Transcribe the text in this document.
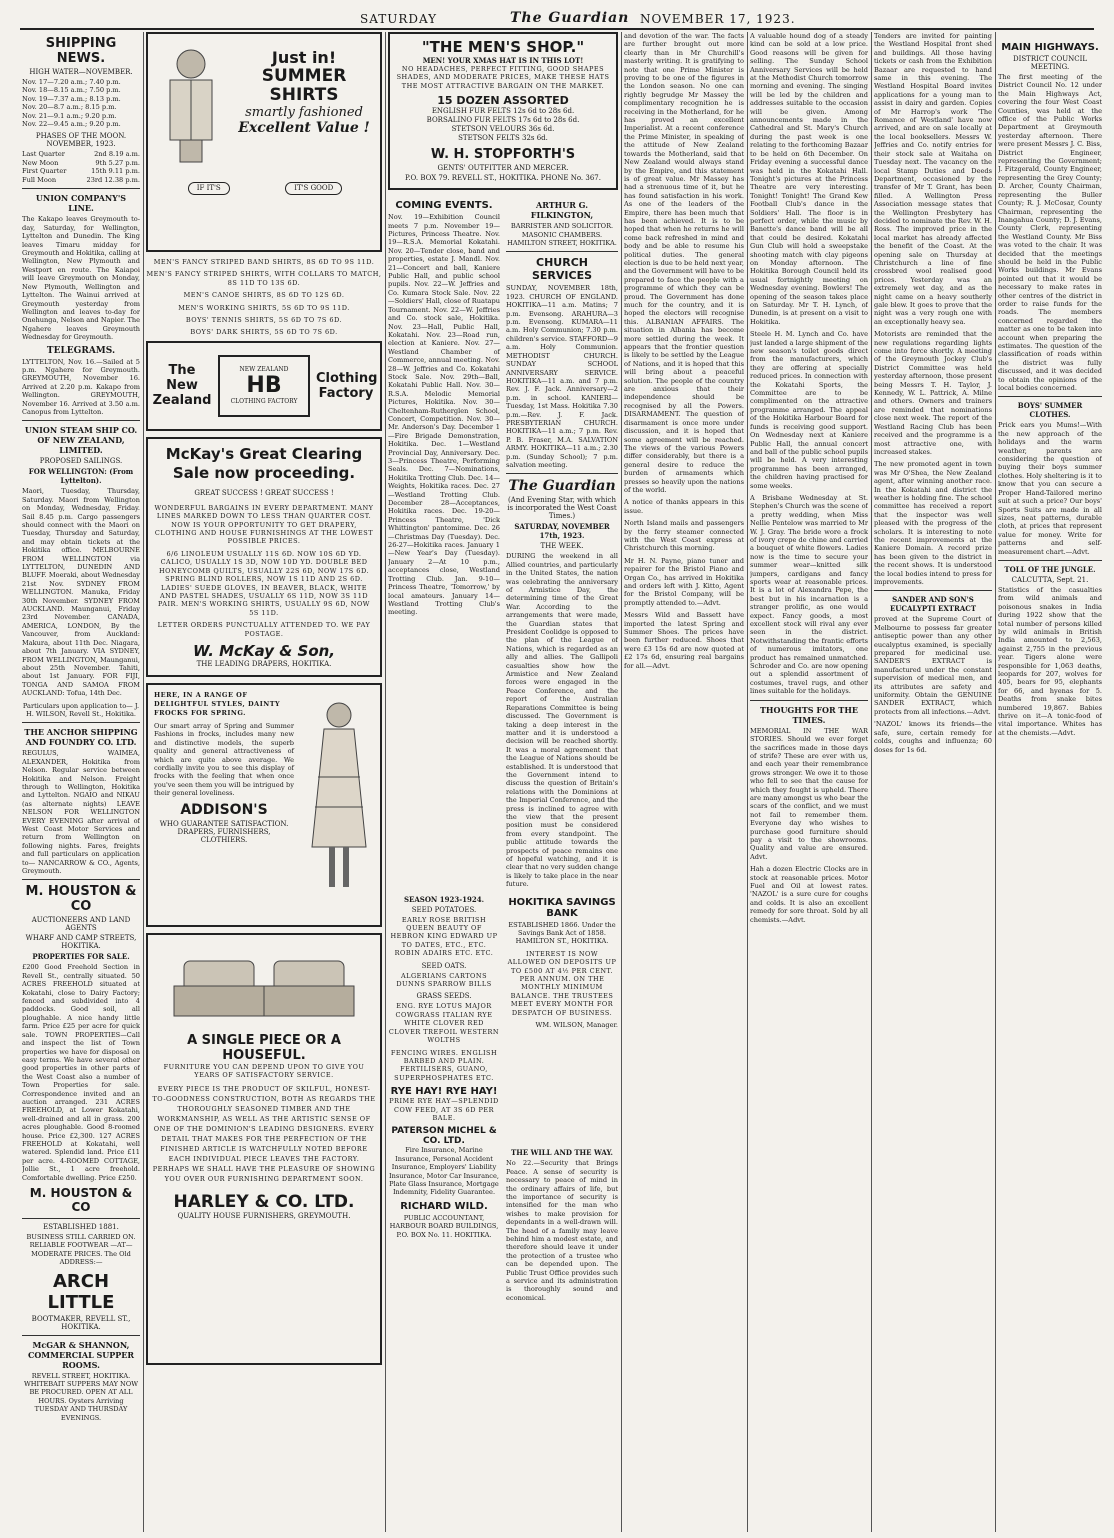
SATURDAY	The Guardian NOVEMBER 17, 1923.
SHIPPING NEWS.
HIGH WATER—NOVEMBER.
Nov. 17—7.20 a.m.; 7.40 p.m.
Nov. 18—8.15 a.m.; 7.50 p.m.
Nov. 19—7.37 a.m.; 8.13 p.m.
Nov. 20—8.7 a.m.; 8.15 p.m.
Nov. 21—9.1 a.m.; 9.20 p.m.
Nov. 22—9.45 a.m.; 9.20 p.m.
PHASES OF THE MOON. NOVEMBER, 1923.
Last Quarter	2nd 8.19 a.m.
New Moon	9th 5.27 p.m.
First Quarter	15th 9.11 p.m.
Full Moon	23rd 12.38 p.m.
UNION COMPANY'S LINE.

The Kakapo leaves Greymouth to-day, Saturday, for Wellington, Lyttelton and Dunedin. The King leaves Timaru midday for Greymouth and Hokitika, calling at Wellington, New Plymouth and Westport en route. The Kaiapoi will leave Greymouth on Monday, New Plymouth, Wellington and Lyttelton. The Wainui arrived at Greymouth yesterday from Wellington and leaves to-day for Onehunga, Nelson and Napier. The Ngahere leaves Greymouth Wednesday for Greymouth.

TELEGRAMS.

LYTTELTON, Nov. 16.—Sailed at 5 p.m. Ngahere for Greymouth. GREYMOUTH, November 16. Arrived at 2.20 p.m. Kakapo from Wellington. GREYMOUTH, November 16. Arrived at 3.50 a.m. Canopus from Lyttelton.

UNION STEAM SHIP CO. OF NEW ZEALAND, LIMITED.
PROPOSED SAILINGS.
FOR WELLINGTON: (From Lyttelton).

Maori, Tuesday, Thursday, Saturday. Maori from Wellington on Monday, Wednesday, Friday. Sail 8.45 p.m. Cargo passengers should connect with the Maori on Tuesday, Thursday and Saturday, and may obtain tickets at the Hokitika office. MELBOURNE FROM WELLINGTON via LYTTELTON, DUNEDIN AND BLUFF. Moeraki, about Wednesday 21st Nov. SYDNEY FROM WELLINGTON. Manuka, Friday 30th November. SYDNEY FROM AUCKLAND. Maunganui, Friday 23rd November. CANADA, AMERICA, LONDON, By the Vancouver, from Auckland: Makura, about 11th Dec. Niagara, about 7th January. VIA SYDNEY, FROM WELLINGTON, Maunganui, about 25th November. Tahiti, about 1st January. FOR FIJI, TONGA AND SAMOA FROM AUCKLAND: Tofua, 14th Dec.

Particulars upon application to— J. H. WILSON, Revell St., Hokitika.

THE ANCHOR SHIPPING AND FOUNDRY CO. LTD.

REGULUS, WAIMEA, ALEXANDER, Hokitika from Nelson. Regular service between Hokitika and Nelson. Freight through to Wellington, Hokitika and Lyttelton. NGAIO and NIKAU (as alternate nights) LEAVE NELSON FOR WELLINGTON EVERY EVENING after arrival of West Coast Motor Services and return from Wellington on following nights. Fares, freights and full particulars on application to— NANCARROW & CO., Agents, Greymouth.

M. HOUSTON & CO
AUCTIONEERS AND LAND AGENTS
WHARF AND CAMP STREETS, HOKITIKA.
PROPERTIES FOR SALE.

£200 Good Freehold Section in Revell St., centrally situated. 50 ACRES FREEHOLD situated at Kokatahi, close to Dairy Factory; fenced and subdivided into 4 paddocks. Good soil, all ploughable. A nice handy little farm. Price £25 per acre for quick sale. TOWN PROPERTIES—Call and inspect the list of Town properties we have for disposal on easy terms. We have several other good properties in other parts of the West Coast also a number of Town Properties for sale. Correspondence invited and an auction arranged. 231 ACRES FREEHOLD, at Lower Kokatahi, well-drained and all in grass. 200 acres ploughable. Good 8-roomed house. Price £2,300. 127 ACRES FREEHOLD at Kokatahi, well watered. Splendid land. Price £11 per acre. 4-ROOMED COTTAGE, Jollie St., 1 acre freehold. Comfortable dwelling. Price £250.

M. HOUSTON & CO
ESTABLISHED 1881.

BUSINESS STILL CARRIED ON. RELIABLE FOOTWEAR —AT— MODERATE PRICES. The Old ADDRESS:—

ARCH LITTLE
BOOTMAKER, REVELL ST., HOKITIKA.
McGAR & SHANNON, COMMERCIAL SUPPER ROOMS.

REVELL STREET, HOKITIKA. WHITEBAIT SUPPERS MAY NOW BE PROCURED. OPEN AT ALL HOURS. Oysters Arriving TUESDAY AND THURSDAY EVENINGS.

Just in!
SUMMER SHIRTS
smartly fashioned
Excellent Value !
IF IT'S	IT'S GOOD

MEN'S FANCY STRIPED BAND SHIRTS, 8S 6D TO 9S 11D.

MEN'S FANCY STRIPED SHIRTS, WITH COLLARS TO MATCH, 8S 11D TO 13S 6D.

MEN'S CANOE SHIRTS, 8S 6D TO 12S 6D.

MEN'S WORKING SHIRTS, 5S 6D TO 9S 11D.

BOYS' TENNIS SHIRTS, 5S 6D TO 7S 6D.

BOYS' DARK SHIRTS, 5S 6D TO 7S 6D.

The New Zealand
NEW ZEALAND
HB
CLOTHING FACTORY
Clothing Factory
McKay's Great Clearing Sale now proceeding.
GREAT SUCCESS ! GREAT SUCCESS !

WONDERFUL BARGAINS IN EVERY DEPARTMENT. MANY LINES MARKED DOWN TO LESS THAN QUARTER COST. NOW IS YOUR OPPORTUNITY TO GET DRAPERY, CLOTHING AND HOUSE FURNISHINGS AT THE LOWEST POSSIBLE PRICES.

6/6 LINOLEUM USUALLY 11S 6D. NOW 10S 6D YD. CALICO, USUALLY 1S 3D, NOW 10D YD. DOUBLE BED HONEYCOMB QUILTS, USUALLY 22S 6D, NOW 17S 6D. SPRING BLIND ROLLERS, NOW 1S 11D AND 2S 6D. LADIES' SUEDE GLOVES, IN BEAVER, BLACK, WHITE AND PASTEL SHADES, USUALLY 6S 11D, NOW 3S 11D PAIR. MEN'S WORKING SHIRTS, USUALLY 9S 6D, NOW 5S 11D.

LETTER ORDERS PUNCTUALLY ATTENDED TO. WE PAY POSTAGE.

W. McKay & Son,
THE LEADING DRAPERS, HOKITIKA.
HERE, IN A RANGE OF DELIGHTFUL STYLES, DAINTY FROCKS FOR SPRING.

Our smart array of Spring and Summer Fashions in frocks, includes many new and distinctive models, the superb quality and general attractiveness of which are quite above average. We cordially invite you to see this display of frocks with the feeling that when once you've seen them you will be intrigued by their general loveliness.

ADDISON'S
WHO GUARANTEE SATISFACTION. DRAPERS, FURNISHERS, CLOTHIERS.
A SINGLE PIECE OR A HOUSEFUL.

FURNITURE YOU CAN DEPEND UPON TO GIVE YOU YEARS OF SATISFACTORY SERVICE.

EVERY PIECE IS THE PRODUCT OF SKILFUL, HONEST-TO-GOODNESS CONSTRUCTION, BOTH AS REGARDS THE THOROUGHLY SEASONED TIMBER AND THE WORKMANSHIP, AS WELL AS THE ARTISTIC SENSE OF ONE OF THE DOMINION'S LEADING DESIGNERS. EVERY DETAIL THAT MAKES FOR THE PERFECTION OF THE FINISHED ARTICLE IS WATCHFULLY NOTED BEFORE EACH INDIVIDUAL PIECE LEAVES THE FACTORY. PERHAPS WE SHALL HAVE THE PLEASURE OF SHOWING YOU OVER OUR FURNISHING DEPARTMENT SOON.

HARLEY & CO. LTD.
QUALITY HOUSE FURNISHERS, GREYMOUTH.
"THE MEN'S SHOP."
MEN! YOUR XMAS HAT IS IN THIS LOT!

NO HEADACHES, PERFECT FITTING, GOOD SHAPES SHADES, AND MODERATE PRICES, MAKE THESE HATS THE MOST ATTRACTIVE BARGAIN ON THE MARKET.

15 DOZEN ASSORTED
ENGLISH FUR FELTS 12s 6d to 28s 6d.
BORSALINO FUR FELTS 17s 6d to 28s 6d.
STETSON VELOURS 36s 6d.
STETSON FELTS 32s 6d.
W. H. STOPFORTH'S
GENTS' OUTFITTER AND MERCER.
P.O. BOX 79. REVELL ST., HOKITIKA. PHONE No. 367.
COMING EVENTS.

Nov. 19—Exhibition Council meets 7 p.m. November 19—Pictures, Princess Theatre. Nov. 19—R.S.A. Memorial Kokatahi. Nov. 20—Tender close, band and properties, estate J. Mandl. Nov. 21—Concert and ball, Kaniere Public Hall, and public school pupils. Nov. 22—W. Jeffries and Co. Kumara Stock Sale. Nov. 22—Soldiers' Hall, close of Ruatapu Tournament. Nov. 22—W. Jeffries and Co. stock sale, Hokitika. Nov. 23—Hall, Public Hall, Kokatahi. Nov. 23—Road run, election at Kaniere. Nov. 27—Westland Chamber of Commerce, annual meeting. Nov. 28—W. Jeffries and Co. Kokatahi Stock Sale. Nov. 29th—Ball, Kokatahi Public Hall. Nov. 30—R.S.A. Melodic Memorial Pictures, Hokitika. Nov. 30—Cheltenham-Rutherglen School, Concert, Competition. Nov. 30—Mr. Anderson's Day. December 1—Fire Brigade Demonstration, Hokitika. Dec. 1—Westland Provincial Day, Anniversary. Dec. 3—Princess Theatre, Performing Seals. Dec. 7—Nominations, Hokitika Trotting Club. Dec. 14—Weights, Hokitika races. Dec. 27—Westland Trotting Club. December 28—Acceptances, Hokitika races. Dec. 19-20—Princess Theatre, 'Dick Whittington' pantomime. Dec. 26—Christmas Day (Tuesday). Dec. 26-27—Hokitika races. January 1—New Year's Day (Tuesday). January 2—At 10 p.m., acceptances close, Westland Trotting Club. Jan. 9-10—Princess Theatre, 'Tomorrow,' by local amateurs. January 14—Westland Trotting Club's meeting.

ARTHUR G. FILKINGTON,

BARRISTER AND SOLICITOR. MASONIC CHAMBERS. HAMILTON STREET, HOKITIKA.

CHURCH SERVICES

SUNDAY, NOVEMBER 18th, 1923. CHURCH OF ENGLAND. HOKITIKA—11 a.m. Matins; 7 p.m. Evensong. ARAHURA—3 p.m. Evensong. KUMARA—11 a.m. Holy Communion; 7.30 p.m. children's service. STAFFORD—9 a.m. Holy Communion. METHODIST CHURCH. SUNDAY SCHOOL ANNIVERSARY SERVICE. HOKITIKA—11 a.m. and 7 p.m. Rev. J. F. Jack. Anniversary—2 p.m. in school. KANIERI—Tuesday, 1st Mass. Hokitika 7.30 p.m.—Rev. J. F. Jack. PRESBYTERIAN CHURCH. HOKITIKA—11 a.m.; 7 p.m. Rev. P. B. Fraser, M.A. SALVATION ARMY. HOKITIKA—11 a.m.; 2.30 p.m. (Sunday School); 7 p.m. salvation meeting.

The Guardian
(And Evening Star, with which is incorporated the West Coast Times.)
SATURDAY, NOVEMBER 17th, 1923.
THE WEEK.

DURING the weekend in all Allied countries, and particularly in the United States, the nation was celebrating the anniversary of Armistice Day, the determining time of the Great War. According to the arrangements that were made, the Guardian states that President Coolidge is opposed to the plan of the League of Nations, which is regarded as an ally and allies. The Gallipoli casualties show how the Armistice and New Zealand forces were engaged in the Peace Conference, and the report of the Australian Reparations Committee is being discussed. The Government is taking a deep interest in the matter and it is understood a decision will be reached shortly. It was a moral agreement that the League of Nations should be established. It is understood that the Government intend to discuss the question of Britain's relations with the Dominions at the Imperial Conference, and the press is inclined to agree with the view that the present position must be considered from every standpoint. The public attitude towards the prospects of peace remains one of hopeful watching, and it is clear that no very sudden change is likely to take place in the near future.

SEASON 1923-1924.
SEED POTATOES.

EARLY ROSE BRITISH QUEEN BEAUTY OF HEBRON KING EDWARD UP TO DATES, ETC., ETC. ROBIN ADAIRS ETC. ETC.

SEED OATS.

ALGERIANS CARTONS DUNNS SPARROW BILLS

GRASS SEEDS.

ENG. RYE LOTUS MAJOR COWGRASS ITALIAN RYE WHITE CLOVER RED CLOVER TREFOIL WESTERN WOLTHS

FENCING WIRES. ENGLISH BARBED AND PLAIN. FERTILISERS, GUANO, SUPERPHOSPHATES ETC.

RYE HAY! RYE HAY!

PRIME RYE HAY—SPLENDID COW FEED, AT 3S 6D PER BALE.

PATERSON MICHEL & CO. LTD.
HOKITIKA SAVINGS BANK

ESTABLISHED 1866. Under the Savings Bank Act of 1858. HAMILTON ST., HOKITIKA.

INTEREST IS NOW ALLOWED ON DEPOSITS UP TO £500 AT 4½ PER CENT. PER ANNUM. ON THE MONTHLY MINIMUM BALANCE. THE TRUSTEES MEET EVERY MONTH FOR DESPATCH OF BUSINESS.

WM. WILSON, Manager.

Fire Insurance, Marine Insurance, Personal Accident Insurance, Employers' Liability Insurance, Motor Car Insurance, Plate Glass Insurance, Mortgage Indemnity, Fidelity Guarantee.

RICHARD WILD.

PUBLIC ACCOUNTANT, HARBOUR BOARD BUILDINGS, P.O. BOX No. 11. HOKITIKA.

THE WILL AND THE WAY.

No 22.—Security that Brings Peace. A sense of security is necessary to peace of mind in the ordinary affairs of life, but the importance of security is intensified for the man who wishes to make provision for dependants in a well-drawn will. The head of a family may leave behind him a modest estate, and therefore should leave it under the protection of a trustee who can be depended upon. The Public Trust Office provides such a service and its administration is thoroughly sound and economical.

and devotion of the war. The facts are further brought out more clearly than in Mr Churchill's masterly writing. It is gratifying to note that one Prime Minister is proving to be one of the figures in the London season. No one can rightly begrudge Mr Massey the complimentary recognition he is receiving in the Motherland, for he has proved an excellent Imperialist. At a recent conference the Prime Minister, in speaking of the attitude of New Zealand towards the Motherland, said that New Zealand would always stand by the Empire, and this statement is of great value. Mr Massey has had a strenuous time of it, but he has found satisfaction in his work. As one of the leaders of the Empire, there has been much that has been achieved. It is to be hoped that when he returns he will come back refreshed in mind and body and be able to resume his political duties. The general election is due to be held next year, and the Government will have to be prepared to face the people with a programme of which they can be proud. The Government has done much for the country, and it is hoped the electors will recognise this. ALBANIAN AFFAIRS. The situation in Albania has become more settled during the week. It appears that the frontier question is likely to be settled by the League of Nations, and it is hoped that this will bring about a peaceful solution. The people of the country are anxious that their independence should be recognised by all the Powers. DISARMAMENT. The question of disarmament is once more under discussion, and it is hoped that some agreement will be reached. The views of the various Powers differ considerably, but there is a general desire to reduce the burden of armaments which presses so heavily upon the nations of the world.

A notice of thanks appears in this issue.

North Island mails and passengers by the ferry steamer connected with the West Coast express at Christchurch this morning.

Mr H. N. Payne, piano tuner and repairer for the Bristol Piano and Organ Co., has arrived in Hokitika and orders left with J. Kitto, Agent for the Bristol Company, will be promptly attended to.—Advt.

Messrs Wild and Bassett have imported the latest Spring and Summer Shoes. The prices have been further reduced. Shoes that were £3 15s 6d are now quoted at £2 17s 6d, ensuring real bargains for all.—Advt.

A valuable hound dog of a steady kind can be sold at a low price. Good reasons will be given for selling. The Sunday School Anniversary Services will be held at the Methodist Church tomorrow morning and evening. The singing will be led by the children and addresses suitable to the occasion will be given. Among announcements made in the Cathedral and St. Mary's Church during the past week is one relating to the forthcoming Bazaar to be held on 6th December. On Friday evening a successful dance was held in the Kokatahi Hall. Tonight's pictures at the Princess Theatre are very interesting. Tonight! Tonight! The Grand Kew Football Club's dance in the Soldiers' Hall. The floor is in perfect order, while the music by Banette's dance band will be all that could be desired. Kokatahi Gun Club will hold a sweepstake shooting match with clay pigeons on Monday afternoon. The Hokitika Borough Council held its usual fortnightly meeting on Wednesday evening. Bowlers! The opening of the season takes place on Saturday. Mr T. H. Lynch, of Dunedin, is at present on a visit to Hokitika.

Steele H. M. Lynch and Co. have just landed a large shipment of the new season's toilet goods direct from the manufacturers, which they are offering at specially reduced prices. In connection with the Kokatahi Sports, the Committee are to be complimented on the attractive programme arranged. The appeal of the Hokitika Harbour Board for funds is receiving good support. On Wednesday next at Kaniere Public Hall, the annual concert and ball of the public school pupils will be held. A very interesting programme has been arranged, the children having practised for some weeks.

A Brisbane Wednesday at St. Stephen's Church was the scene of a pretty wedding, when Miss Nellie Pentelow was married to Mr W. J. Gray. The bride wore a frock of ivory crepe de chine and carried a bouquet of white flowers. Ladies now is the time to secure your summer wear—knitted silk jumpers, cardigans and fancy sports wear at reasonable prices. It is a lot of Alexandra Pepe, the best but in his incarnation is a stranger prolific, as one would expect. Fancy goods, a most excellent stock will rival any ever seen in the district. Notwithstanding the frantic efforts of numerous imitators, one product has remained unmatched. Schroder and Co. are now opening out a splendid assortment of costumes, travel rugs, and other lines suitable for the holidays.

THOUGHTS FOR THE TIMES.

MEMORIAL IN THE WAR STORIES. Should we ever forget the sacrifices made in those days of strife? These are ever with us, and each year their remembrance grows stronger. We owe it to those who fell to see that the cause for which they fought is upheld. There are many amongst us who bear the scars of the conflict, and we must not fail to remember them. Everyone day who wishes to purchase good furniture should pay a visit to the showrooms. Quality and value are ensured. Advt.

Hah a dozen Electric Clocks are in stock at reasonable prices. Motor Fuel and Oil at lowest rates. 'NAZOL' is a sure cure for coughs and colds. It is also an excellent remedy for sore throat. Sold by all chemists.—Advt.

Tenders are invited for painting the Westland Hospital front shed and buildings. All those having tickets or cash from the Exhibition Bazaar are requested to hand same in this evening. The Westland Hospital Board invites applications for a young man to assist in dairy and garden. Copies of Mr Harrop's work 'The Romance of Westland' have now arrived, and are on sale locally at the local booksellers. Messrs W. Jeffries and Co. notify entries for their stock sale at Waitaha on Tuesday next. The vacancy on the local Stamp Duties and Deeds Department, occasioned by the transfer of Mr T. Grant, has been filled. A Wellington Press Association message states that the Wellington Presbytery has decided to nominate the Rev. W. H. Ross. The improved price in the local market has already affected the benefit of the Coast. At the opening sale on Thursday at Christchurch a line of fine crossbred wool realised good prices. Yesterday was an extremely wet day, and as the night came on a heavy southerly gale blew. It goes to prove that the night was a very rough one with an exceptionally heavy sea.

Motorists are reminded that the new regulations regarding lights come into force shortly. A meeting of the Greymouth Jockey Club's District Committee was held yesterday afternoon, those present being Messrs T. H. Taylor, J. Kennedy, W. L. Pattrick, A. Milne and others. Owners and trainers are reminded that nominations close next week. The report of the Westland Racing Club has been received and the programme is a most attractive one, with increased stakes.

The new promoted agent in town was Mr O'Shea, the New Zealand agent, after winning another race. In the Kokatahi and district the weather is holding fine. The school committee has received a report that the inspector was well pleased with the progress of the scholars. It is interesting to note the recent improvements at the Kaniere Domain. A record prize has been given to the district in the recent shows. It is understood the local bodies intend to press for improvements.

SANDER AND SON'S EUCALYPTI EXTRACT

proved at the Supreme Court of Melbourne to possess far greater antiseptic power than any other eucalyptus examined, is specially prepared for medicinal use. SANDER'S EXTRACT is manufactured under the constant supervision of medical men, and its attributes are safety and uniformity. Obtain the GENUINE SANDER EXTRACT, which protects from all infections.—Advt.

'NAZOL' knows its friends—the safe, sure, certain remedy for colds, coughs and influenza; 60 doses for 1s 6d.

MAIN HIGHWAYS.
DISTRICT COUNCIL MEETING.

The first meeting of the District Council No. 12 under the Main Highways Act, covering the four West Coast Counties, was held at the office of the Public Works Department at Greymouth yesterday afternoon. There were present Messrs J. C. Biss, District Engineer, representing the Government; J. Fitzgerald, County Engineer, representing the Grey County; D. Archer, County Chairman, representing the Buller County; R. J. McCosar, County Chairman, representing the Inangahua County; D. J. Evans, County Clerk, representing the Westland County. Mr Biss was voted to the chair. It was decided that the meetings should be held in the Public Works buildings. Mr Evans pointed out that it would be necessary to make rates in other centres of the district in order to raise funds for the roads. The members concerned regarded the matter as one to be taken into account when preparing the estimates. The question of the classification of roads within the district was fully discussed, and it was decided to obtain the opinions of the local bodies concerned.

BOYS' SUMMER CLOTHES.

Prick ears you Mums!—With the new approach of the holidays and the warm weather, parents are considering the question of buying their boys summer clothes. Holy sheltering is it to know that you can secure a Proper Hand-Tailored merino suit at such a price? Our boys' Sports Suits are made in all sizes, neat patterns, durable cloth, at prices that represent value for money. Write for patterns and self-measurement chart.—Advt.

TOLL OF THE JUNGLE.
CALCUTTA, Sept. 21.

Statistics of the casualties from wild animals and poisonous snakes in India during 1922 show that the total number of persons killed by wild animals in British India amounted to 2,563, against 2,755 in the previous year. Tigers alone were responsible for 1,063 deaths, leopards for 207, wolves for 405, bears for 95, elephants for 66, and hyenas for 5. Deaths from snake bites numbered 19,867. Babies thrive on it—A tonic-food of vital importance. Whites has at the chemists.—Advt.
